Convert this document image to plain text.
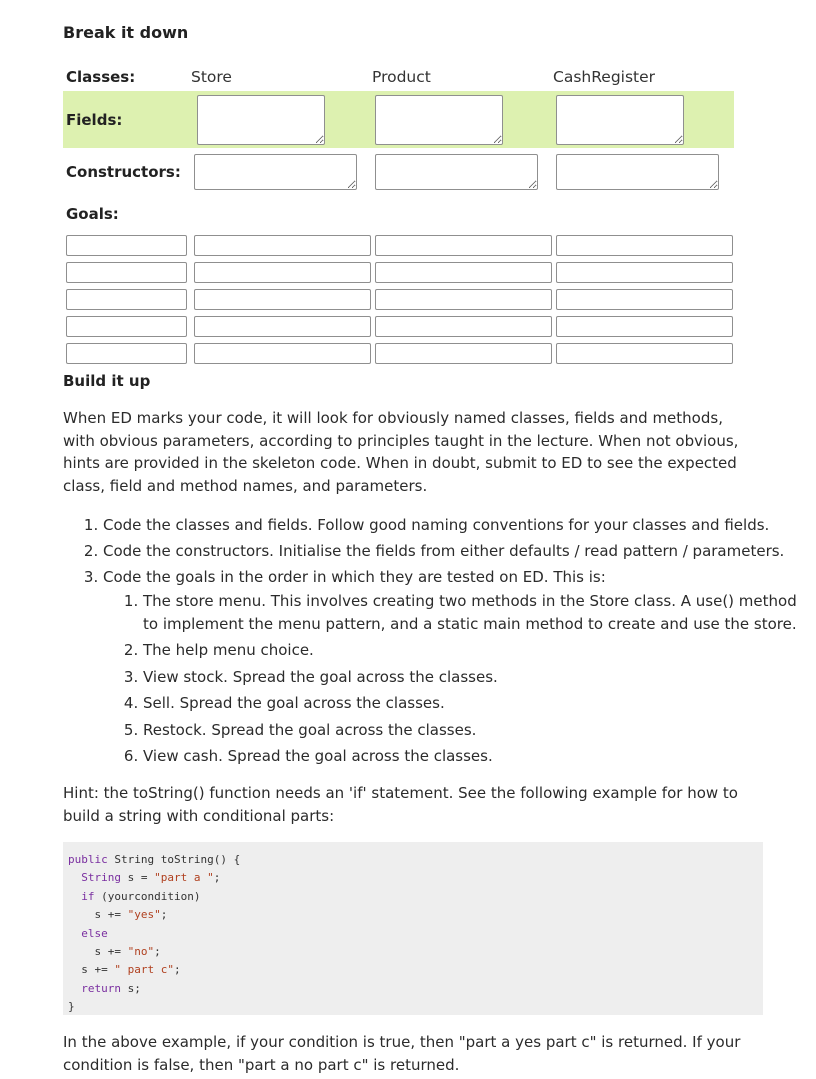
Break it down
Classes:	Store	Product	CashRegister
Fields:	

Constructors:	

Goals:			

Build it up

When ED marks your code, it will look for obviously named classes, fields and methods, with obvious parameters, according to principles taught in the lecture. When not obvious, hints are provided in the skeleton code. When in doubt, submit to ED to see the expected class, field and method names, and parameters.

1. Code the classes and fields. Follow good naming conventions for your classes and fields.
2. Code the constructors. Initialise the fields from either defaults / read pattern / parameters.
3. Code the goals in the order in which they are tested on ED. This is:
1. The store menu. This involves creating two methods in the Store class. A use() method to implement the menu pattern, and a static main method to create and use the store.
2. The help menu choice.
3. View stock. Spread the goal across the classes.
4. Sell. Spread the goal across the classes.
5. Restock. Spread the goal across the classes.
6. View cash. Spread the goal across the classes.

Hint: the toString() function needs an 'if' statement. See the following example for how to build a string with conditional parts:

public String toString() {
String s = "part a ";
if (yourcondition)
s += "yes";
else
s += "no";
s += " part c";
return s;
}

In the above example, if your condition is true, then "part a yes part c" is returned. If your condition is false, then "part a no part c" is returned.
